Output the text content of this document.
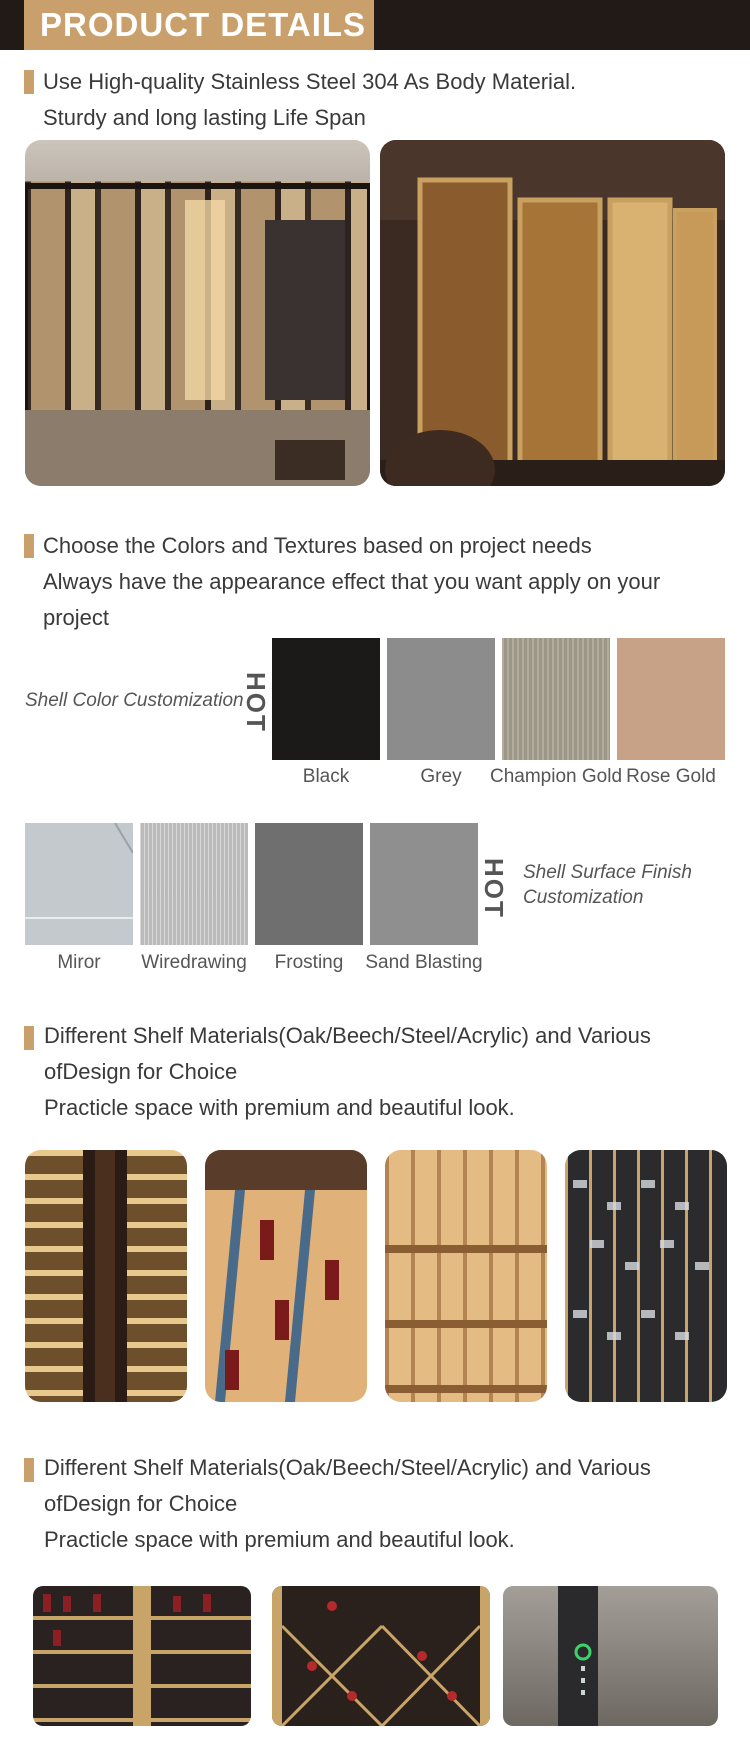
PRODUCT DETAILS
Use High-quality Stainless Steel 304 As Body Material.
Sturdy and long lasting Life Span
Choose the Colors and Textures based on project needs
Always have the appearance effect that you want apply on your
project
Shell Color Customization
HOT
Black	Grey	Champion Gold Rose Gold
Miror	Wiredrawing	Frosting	Sand Blasting
HOT Shell Surface Finish
Customization
Different Shelf Materials(Oak/Beech/Steel/Acrylic) and Various
ofDesign for Choice
Practicle space with premium and beautiful look.
Different Shelf Materials(Oak/Beech/Steel/Acrylic) and Various
ofDesign for Choice
Practicle space with premium and beautiful look.
